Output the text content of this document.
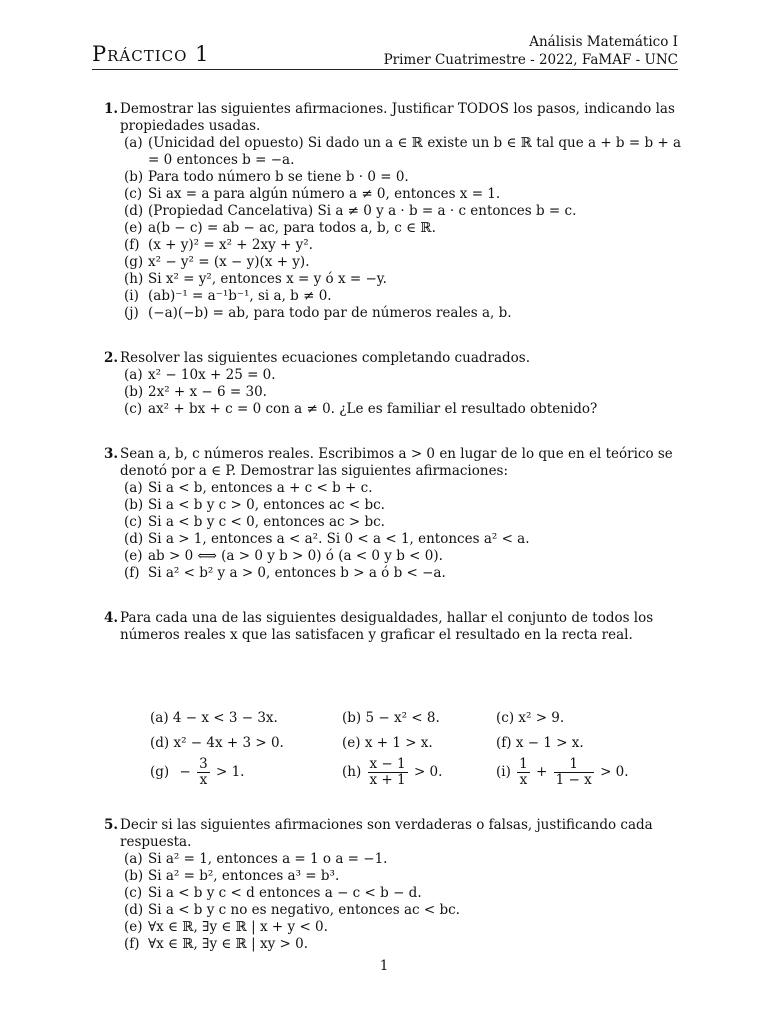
Práctico 1	Análisis Matemático I
Primer Cuatrimestre - 2022, FaMAF - UNC
1. Demostrar las siguientes afirmaciones. Justificar TODOS los pasos, indicando las propiedades usadas.
(a) (Unicidad del opuesto) Si dado un a ∈ ℝ existe un b ∈ ℝ tal que a + b = b + a = 0 entonces b = −a.
(b) Para todo número b se tiene b · 0 = 0.
(c) Si ax = a para algún número a ≠ 0, entonces x = 1.
(d) (Propiedad Cancelativa) Si a ≠ 0 y a · b = a · c entonces b = c.
(e) a(b − c) = ab − ac, para todos a, b, c ∈ ℝ.
(f) (x + y)² = x² + 2xy + y².
(g) x² − y² = (x − y)(x + y).
(h) Si x² = y², entonces x = y ó x = −y.
(i) (ab)⁻¹ = a⁻¹b⁻¹, si a, b ≠ 0.
(j) (−a)(−b) = ab, para todo par de números reales a, b.
2. Resolver las siguientes ecuaciones completando cuadrados.
(a) x² − 10x + 25 = 0.
(b) 2x² + x − 6 = 30.
(c) ax² + bx + c = 0 con a ≠ 0. ¿Le es familiar el resultado obtenido?
3. Sean a, b, c números reales. Escribimos a > 0 en lugar de lo que en el teórico se denotó por a ∈ P. Demostrar las siguientes afirmaciones:
(a) Si a < b, entonces a + c < b + c.
(b) Si a < b y c > 0, entonces ac < bc.
(c) Si a < b y c < 0, entonces ac > bc.
(d) Si a > 1, entonces a < a². Si 0 < a < 1, entonces a² < a.
(e) ab > 0 ⟺ (a > 0 y b > 0) ó (a < 0 y b < 0).
(f) Si a² < b² y a > 0, entonces b > a ó b < −a.
4. Para cada una de las siguientes desigualdades, hallar el conjunto de todos los números reales x que las satisfacen y graficar el resultado en la recta real.
(a) 4 − x < 3 − 3x.	(b) 5 − x² < 8.	(c) x² > 9.
(d) x² − 4x + 3 > 0.	(e) x + 1 > x.	(f) x − 1 > x.
$(g) - \frac{3}{x} > 1$.	$(h) \frac{x - 1}{x + 1} > 0$.	$(i) \frac{1}{x} + \frac{1}{1 - x} > 0$.
5. Decir si las siguientes afirmaciones son verdaderas o falsas, justificando cada respuesta.
(a) Si a² = 1, entonces a = 1 o a = −1.
(b) Si a² = b², entonces a³ = b³.
(c) Si a < b y c < d entonces a − c < b − d.
(d) Si a < b y c no es negativo, entonces ac < bc.
(e) ∀x ∈ ℝ, ∃y ∈ ℝ | x + y < 0.
(f) ∀x ∈ ℝ, ∃y ∈ ℝ | xy > 0.
1
